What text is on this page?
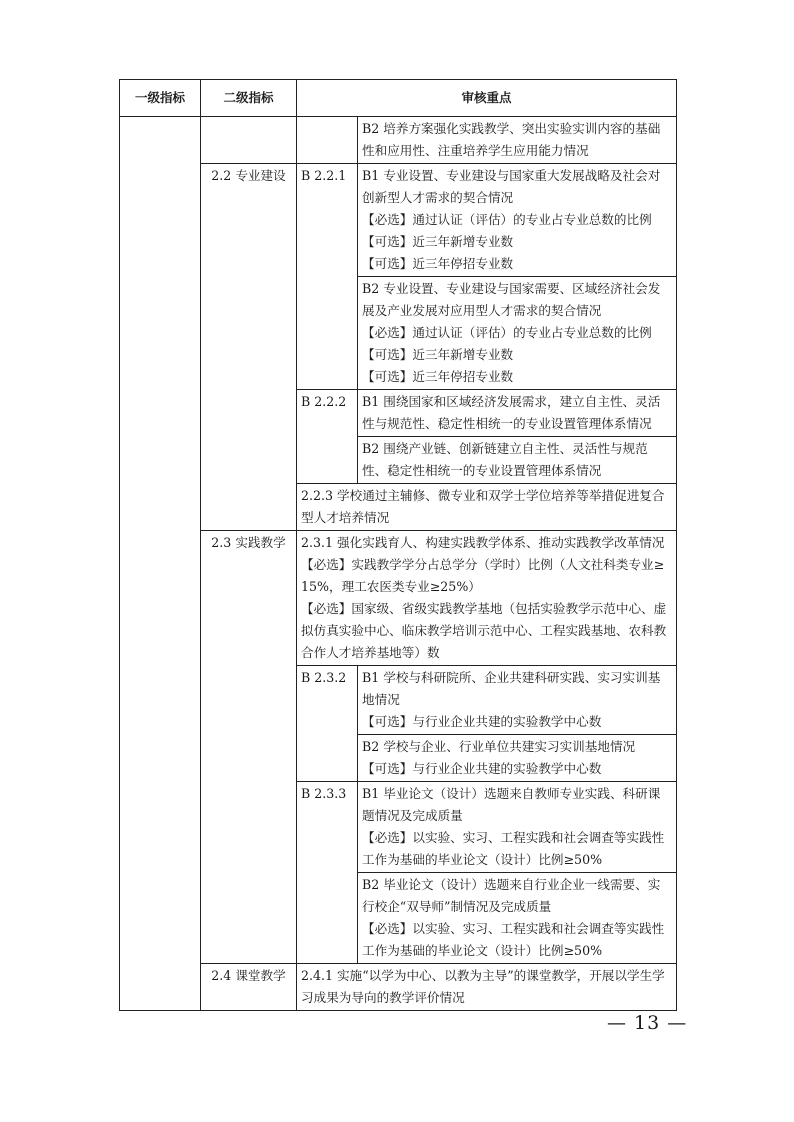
一级指标	二级指标	审核重点	
			B2 培养方案强化实践教学、突出实验实训内容的基础性和应用性、注重培养学生应用能力情况
	2.2 专业建设	B 2.2.1	B1 专业设置、专业建设与国家重大发展战略及社会对创新型人才需求的契合情况
【必选】通过认证（评估）的专业占专业总数的比例
【可选】近三年新增专业数
【可选】近三年停招专业数

			B2 专业设置、专业建设与国家需要、区域经济社会发展及产业发展对应用型人才需求的契合情况
【必选】通过认证（评估）的专业占专业总数的比例
【可选】近三年新增专业数
【可选】近三年停招专业数

		B 2.2.2	B1 围绕国家和区域经济发展需求，建立自主性、灵活性与规范性、稳定性相统一的专业设置管理体系情况
			B2 围绕产业链、创新链建立自主性、灵活性与规范性、稳定性相统一的专业设置管理体系情况
		2.2.3 学校通过主辅修、微专业和双学士学位培养等举措促进复合型人才培养情况	
	2.3 实践教学	2.3.1 强化实践育人、构建实践教学体系、推动实践教学改革情况
【必选】实践教学学分占总学分（学时）比例（人文社科类专业≥15%，理工农医类专业≥25%）
【必选】国家级、省级实践教学基地（包括实验教学示范中心、虚拟仿真实验中心、临床教学培训示范中心、工程实践基地、农科教合作人才培养基地等）数	

		B 2.3.2	B1 学校与科研院所、企业共建科研实践、实习实训基地情况
【可选】与行业企业共建的实验教学中心数

			B2 学校与企业、行业单位共建实习实训基地情况
【可选】与行业企业共建的实验教学中心数

		B 2.3.3	B1 毕业论文（设计）选题来自教师专业实践、科研课题情况及完成质量
【必选】以实验、实习、工程实践和社会调查等实践性工作为基础的毕业论文（设计）比例≥50%

			B2 毕业论文（设计）选题来自行业企业一线需要、实行校企“双导师”制情况及完成质量
【必选】以实验、实习、工程实践和社会调查等实践性工作为基础的毕业论文（设计）比例≥50%

	2.4 课堂教学	2.4.1 实施“以学为中心、以教为主导”的课堂教学，开展以学生学习成果为导向的教学评价情况	
— 13 —
